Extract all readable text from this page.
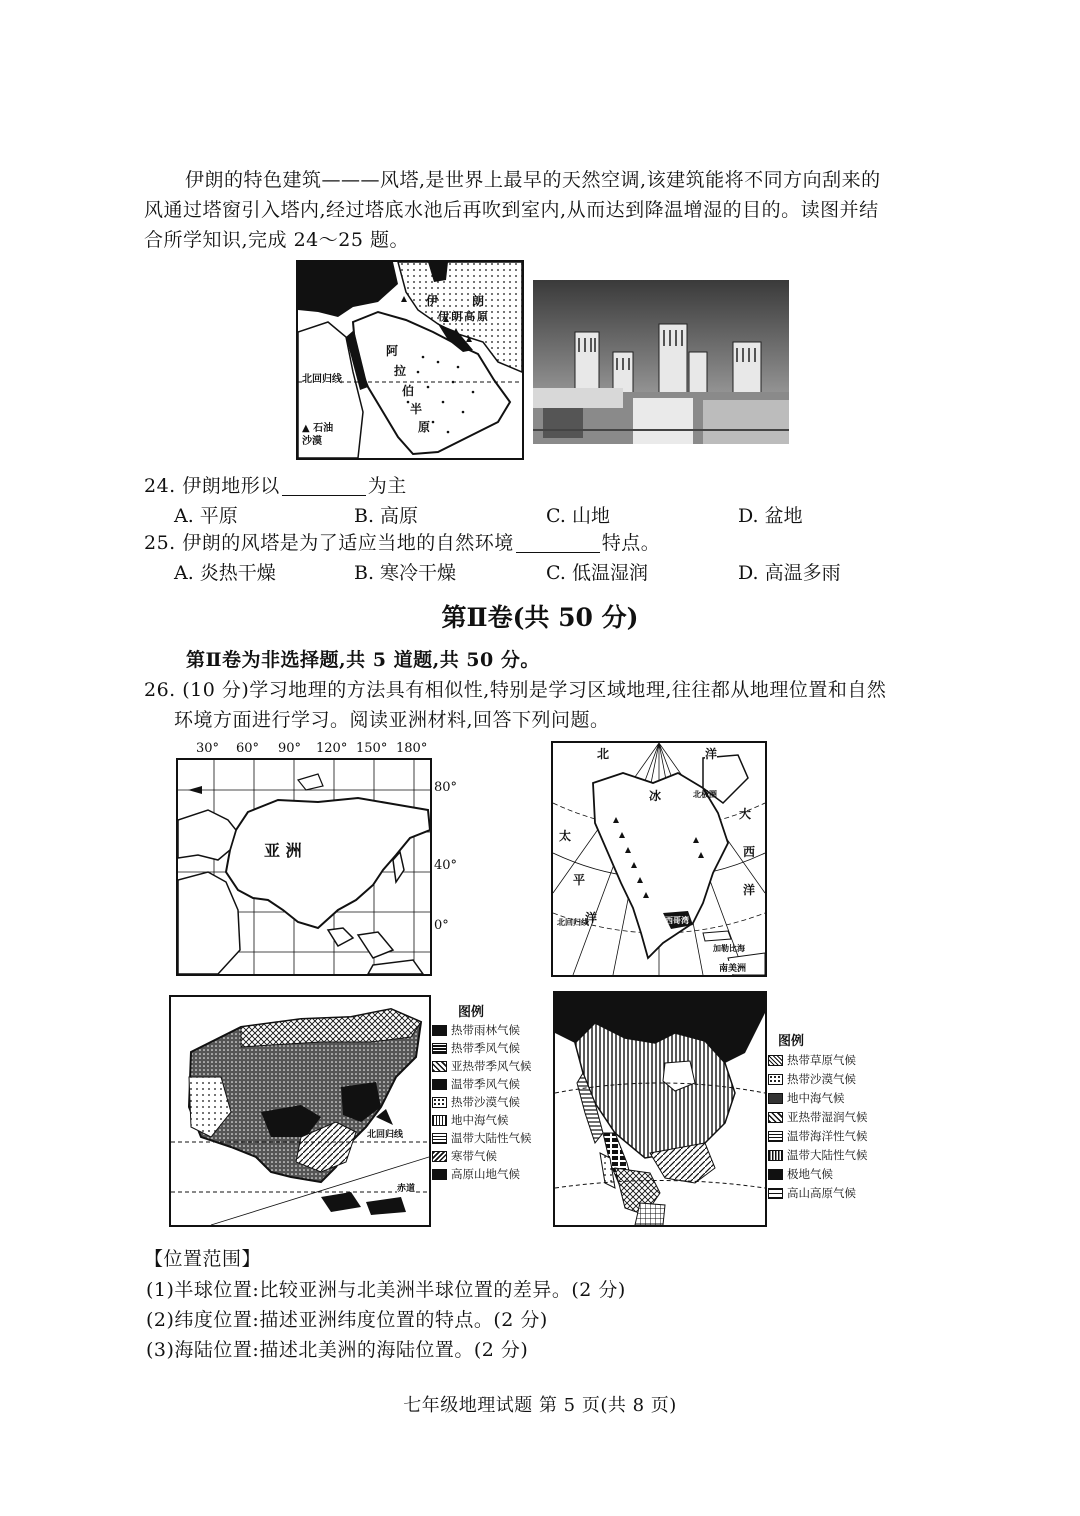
伊朗的特色建筑———风塔,是世界上最早的天然空调,该建筑能将不同方向刮来的
风通过塔窗引入塔内,经过塔底水池后再吹到室内,从而达到降温增湿的目的。读图并结
合所学知识,完成 24～25 题。
伊	朗
伊朗高原
阿
拉
伯
半
原
北回归线
▲ 石油
沙漠
24. 伊朗地形以	为主
A. 平原	B. 高原	C. 山地	D. 盆地
25. 伊朗的风塔是为了适应当地的自然环境	特点。
A. 炎热干燥	B. 寒冷干燥	C. 低温湿润	D. 高温多雨
第Ⅱ卷(共 50 分)
第Ⅱ卷为非选择题,共 5 道题,共 50 分。
26. (10 分)学习地理的方法具有相似性,特别是学习区域地理,往往都从地理位置和自然
环境方面进行学习。阅读亚洲材料,回答下列问题。
30° 60° 90° 120° 150° 180°
亚 洲
80°
40°
0°
北
冰
洋
大
西
洋
太
平
洋
北极圈
北回归线	墨西哥湾
加勒比海
南美洲
北回归线
赤道
图例
热带雨林气候
热带季风气候
亚热带季风气候
温带季风气候
热带沙漠气候
地中海气候
温带大陆性气候
寒带气候
高原山地气候
图例
热带草原气候
热带沙漠气候
地中海气候
亚热带湿润气候
温带海洋性气候
温带大陆性气候
极地气候
高山高原气候
【位置范围】
(1)半球位置:比较亚洲与北美洲半球位置的差异。(2 分)
(2)纬度位置:描述亚洲纬度位置的特点。(2 分)
(3)海陆位置:描述北美洲的海陆位置。(2 分)
七年级地理试题 第 5 页(共 8 页)
